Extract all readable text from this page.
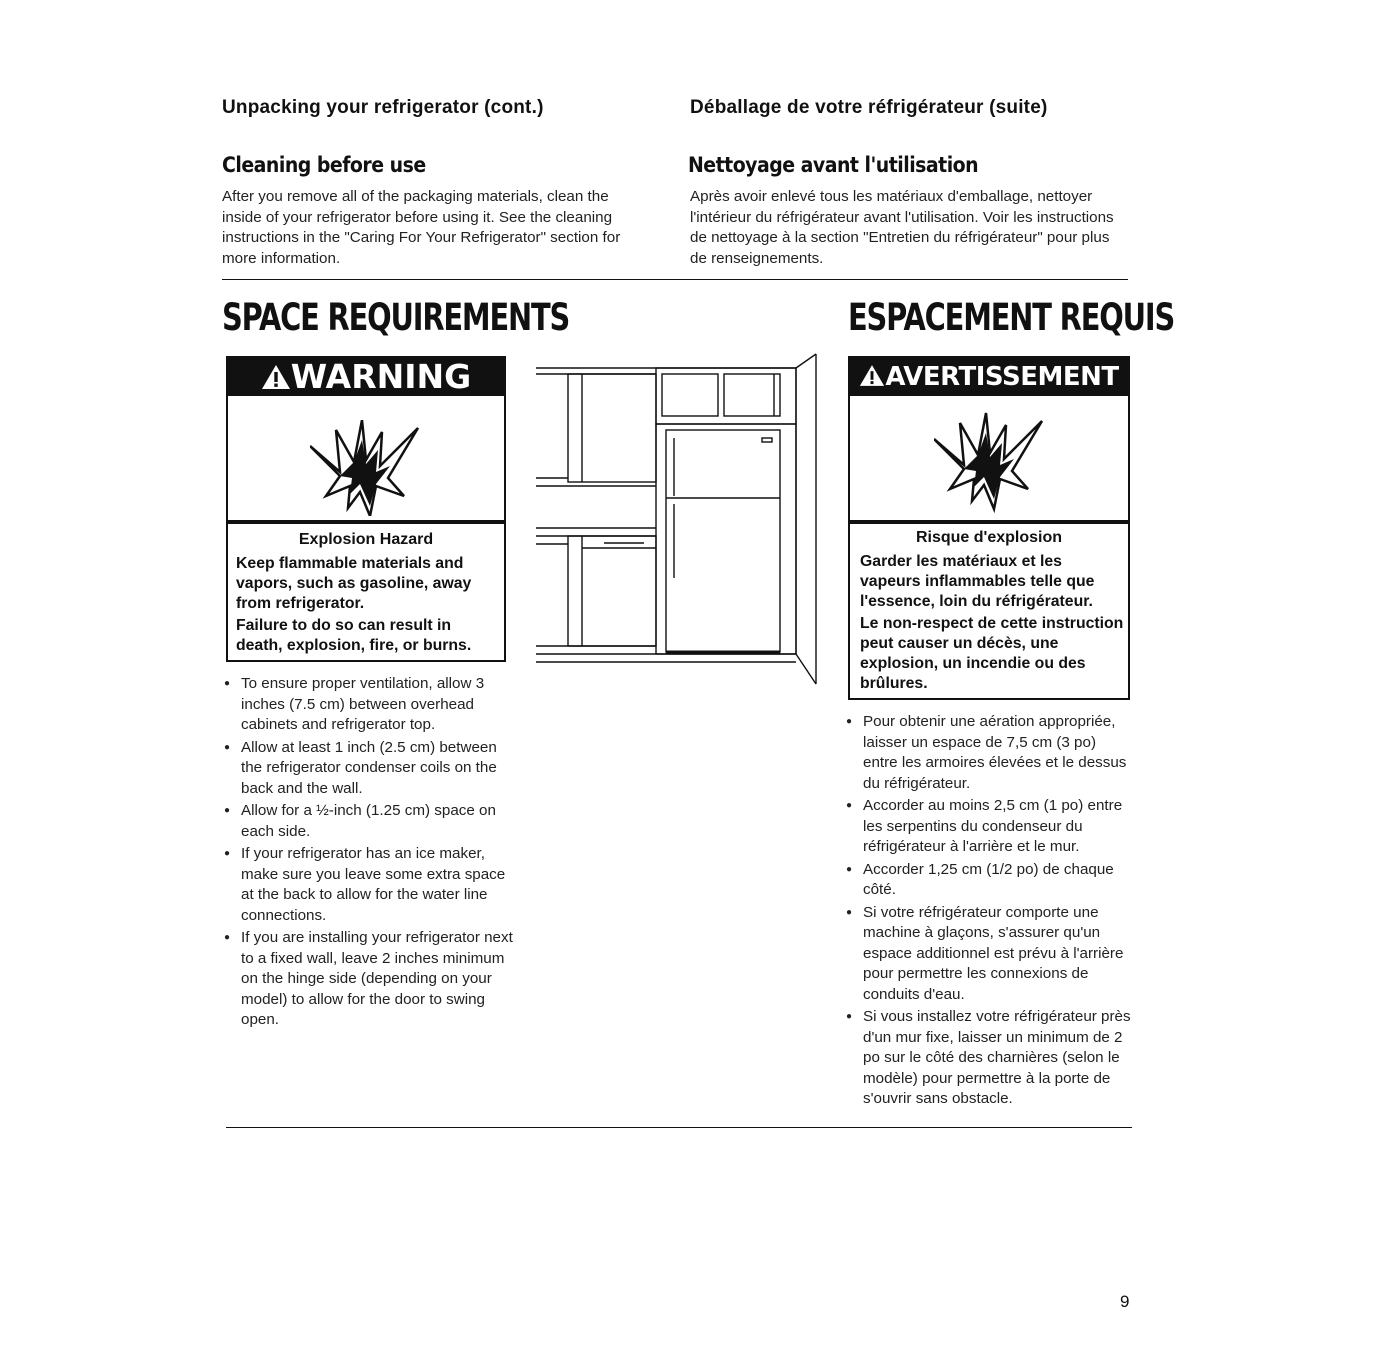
Unpacking your refrigerator (cont.)	Déballage de votre réfrigérateur (suite)
Cleaning before use	Nettoyage avant l'utilisation
After you remove all of the packaging materials, clean the inside of your refrigerator before using it. See the cleaning instructions in the "Caring For Your Refrigerator" section for more information.
Après avoir enlevé tous les matériaux d'emballage, nettoyer l'intérieur du réfrigérateur avant l'utilisation. Voir les instructions de nettoyage à la section "Entretien du réfrigérateur" pour plus de renseignements.
SPACE REQUIREMENTS	ESPACEMENT REQUIS
WARNING
Explosion Hazard
Keep flammable materials and vapors, such as gasoline, away from refrigerator.
Failure to do so can result in death, explosion, fire, or burns.
AVERTISSEMENT
Risque d'explosion
Garder les matériaux et les vapeurs inflammables telle que l'essence, loin du réfrigérateur.
Le non-respect de cette instruction peut causer un décès, une explosion, un incendie ou des brûlures.
● To ensure proper ventilation, allow 3 inches (7.5 cm) between overhead cabinets and refrigerator top.
● Allow at least 1 inch (2.5 cm) between the refrigerator condenser coils on the back and the wall.
● Allow for a ½-inch (1.25 cm) space on each side.
● If your refrigerator has an ice maker, make sure you leave some extra space at the back to allow for the water line connections.
● If you are installing your refrigerator next to a fixed wall, leave 2 inches minimum on the hinge side (depending on your model) to allow for the door to swing open.
● Pour obtenir une aération appropriée, laisser un espace de 7,5 cm (3 po) entre les armoires élevées et le dessus du réfrigérateur.
● Accorder au moins 2,5 cm (1 po) entre les serpentins du condenseur du réfrigérateur à l'arrière et le mur.
● Accorder 1,25 cm (1/2 po) de chaque côté.
● Si votre réfrigérateur comporte une machine à glaçons, s'assurer qu'un espace additionnel est prévu à l'arrière pour permettre les connexions de conduits d'eau.
● Si vous installez votre réfrigérateur près d'un mur fixe, laisser un minimum de 2 po sur le côté des charnières (selon le modèle) pour permettre à la porte de s'ouvrir sans obstacle.
9
